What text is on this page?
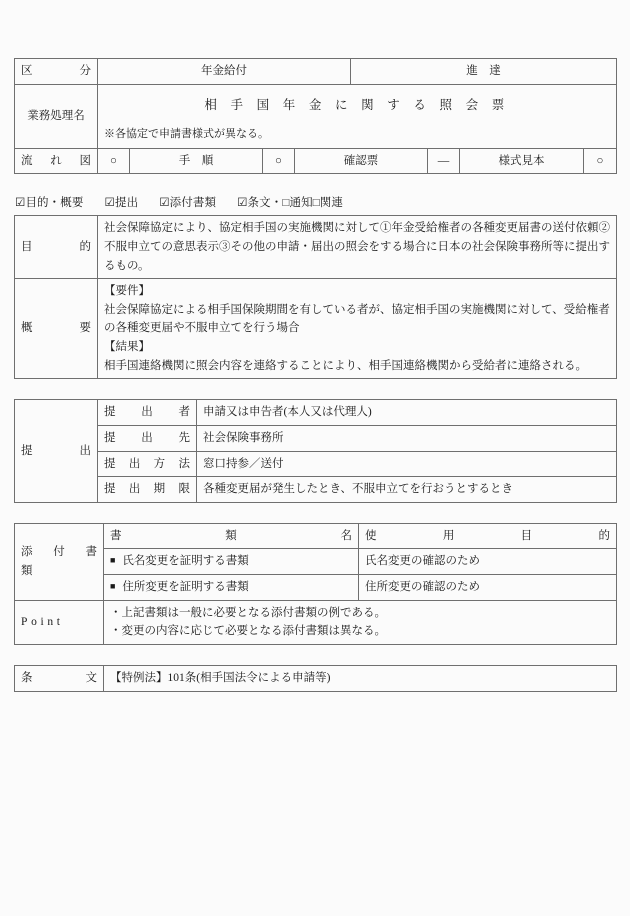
区　　　　分	年金給付	進　達
業務処理名	相 手 国 年 金 に 関 す る 照 会 票
※各協定で申請書様式が異なる。	
流　れ　図	○	手　順	○	確認票	—	様式見本	○
☑目的・概要 ☑提出 ☑添付書類 ☑条文・□通知□関連
目　　　　的	社会保障協定により、協定相手国の実施機関に対して①年金受給権者の各種変更届書の送付依頼②不服申立ての意思表示③その他の申請・届出の照会をする場合に日本の社会保険事務所等に提出するもの。

概　　　　要	【要件】
社会保障協定による相手国保険期間を有している者が、協定相手国の実施機関に対して、受給権者の各種変更届や不服申立てを行う場合
【結果】
相手国連絡機関に照会内容を連絡することにより、相手国連絡機関から受給者に連絡される。
提　　　出	提　　出　　者	申請又は申告者(本人又は代理人)

	提　　出　　先	社会保険事務所

	提　出　方　法	窓口持参／送付

	提　出　期　限	各種変更届が発生したとき、不服申立てを行おうとするとき
添　付　書　類	書　　　　類　　　　名	使　　　用　　　目　　　的

	■ 氏名変更を証明する書類	氏名変更の確認のため
	■ 住所変更を証明する書類	住所変更の確認のため

Point	・上記書類は一般に必要となる添付書類の例である。
・変更の内容に応じて必要となる添付書類は異なる。	
条　　　　文	【特例法】101条(相手国法令による申請等)
